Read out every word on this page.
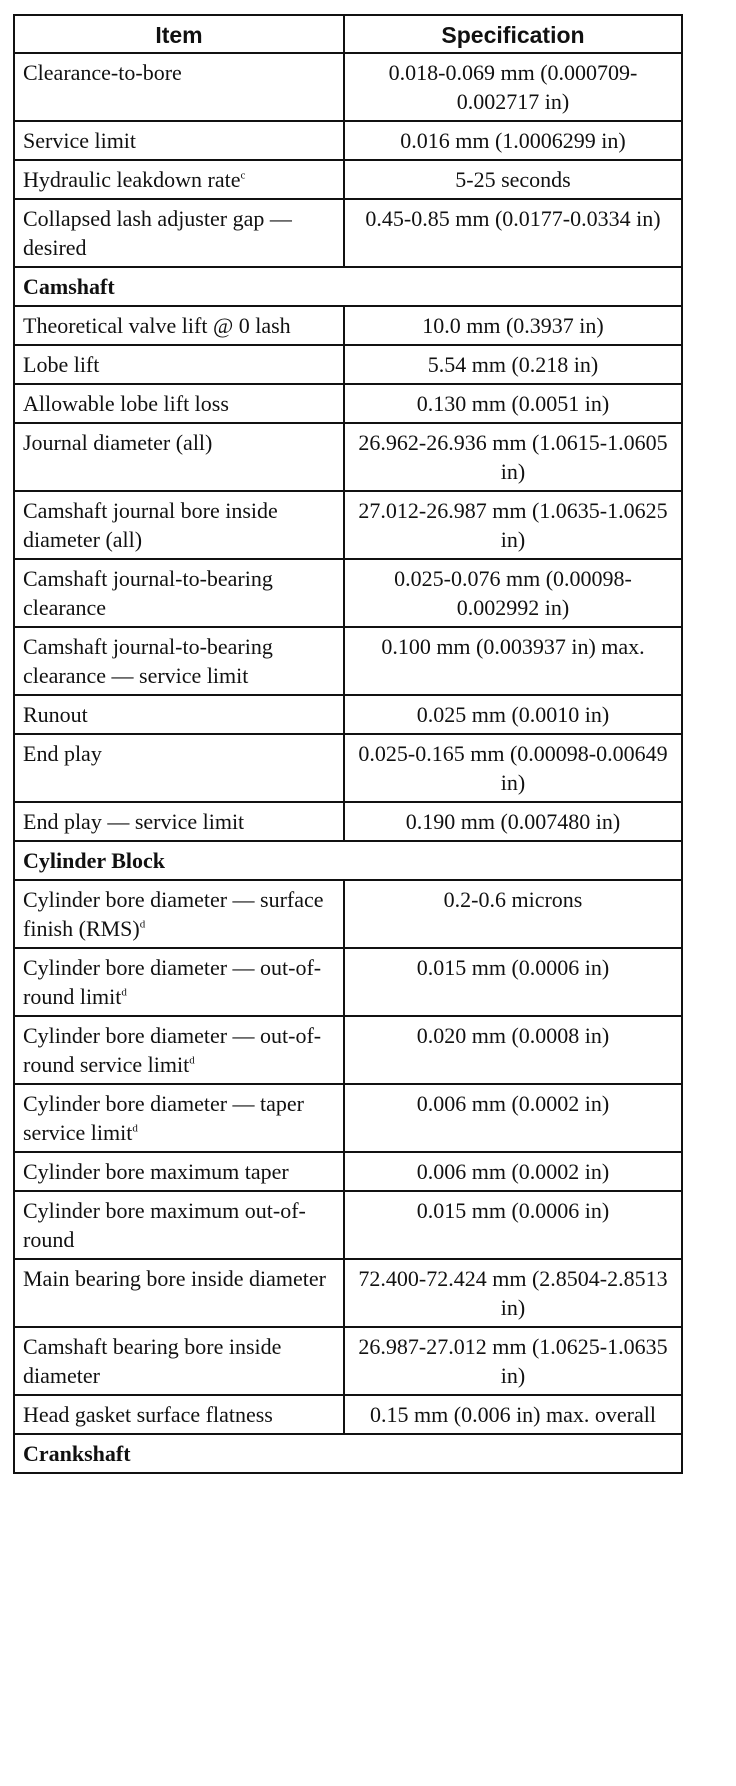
Item	Specification
Clearance-to-bore	0.018-0.069 mm (0.000709-0.002717 in)
Service limit	0.016 mm (1.0006299 in)
Hydraulic leakdown rate$^c$	5-25 seconds
Collapsed lash adjuster gap — desired	0.45-0.85 mm (0.0177-0.0334 in)
Camshaft	
Theoretical valve lift @ 0 lash	10.0 mm (0.3937 in)
Lobe lift	5.54 mm (0.218 in)
Allowable lobe lift loss	0.130 mm (0.0051 in)
Journal diameter (all)	26.962-26.936 mm (1.0615-1.0605 in)
Camshaft journal bore inside diameter (all)	27.012-26.987 mm (1.0635-1.0625 in)
Camshaft journal-to-bearing clearance	0.025-0.076 mm (0.00098-0.002992 in)
Camshaft journal-to-bearing clearance — service limit	0.100 mm (0.003937 in) max.
Runout	0.025 mm (0.0010 in)
End play	0.025-0.165 mm (0.00098-0.00649 in)
End play — service limit	0.190 mm (0.007480 in)
Cylinder Block	
Cylinder bore diameter — surface finish (RMS)$^d$	0.2-0.6 microns
Cylinder bore diameter — out-of-round limit$^d$	0.015 mm (0.0006 in)
Cylinder bore diameter — out-of-round service limit$^d$	0.020 mm (0.0008 in)
Cylinder bore diameter — taper service limit$^d$	0.006 mm (0.0002 in)
Cylinder bore maximum taper	0.006 mm (0.0002 in)
Cylinder bore maximum out-of-round	0.015 mm (0.0006 in)
Main bearing bore inside diameter	72.400-72.424 mm (2.8504-2.8513 in)
Camshaft bearing bore inside diameter	26.987-27.012 mm (1.0625-1.0635 in)
Head gasket surface flatness	0.15 mm (0.006 in) max. overall
Crankshaft	
